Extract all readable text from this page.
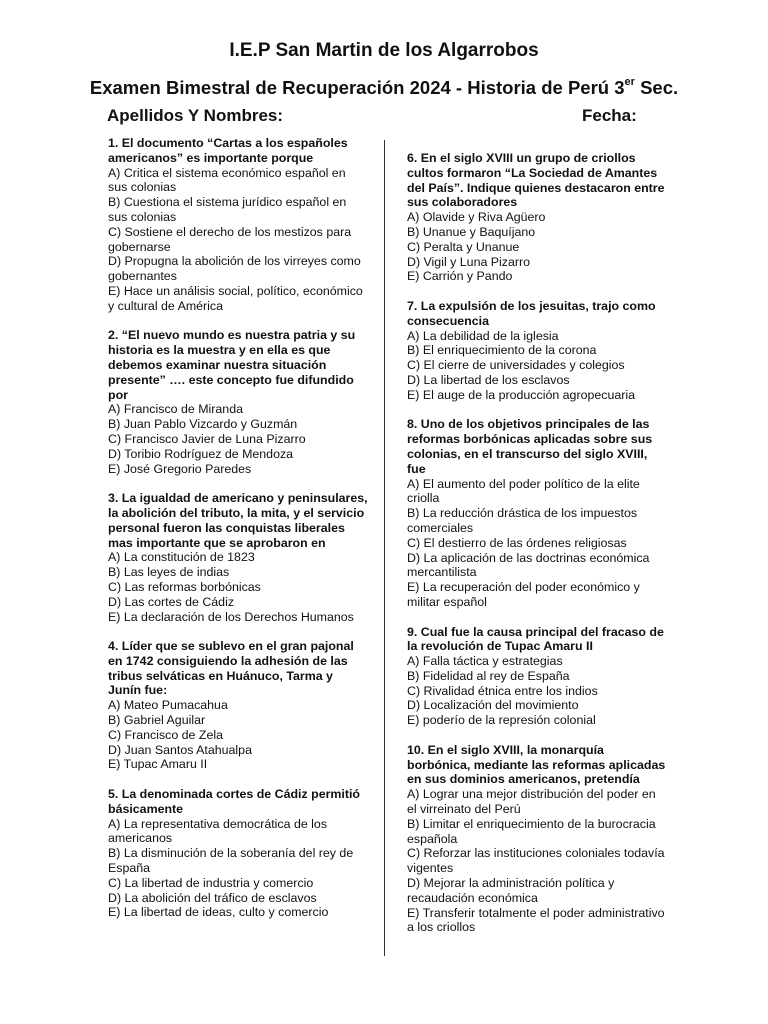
I.E.P San Martin de los Algarrobos
Examen Bimestral de Recuperación 2024 - Historia de Perú 3er Sec.
Apellidos Y Nombres:	Fecha:
1. El documento “Cartas a los españoles americanos” es importante porque
A) Critica el sistema económico español en sus colonias
B) Cuestiona el sistema jurídico español en sus colonias
C) Sostiene el derecho de los mestizos para gobernarse
D) Propugna la abolición de los virreyes como gobernantes
E) Hace un análisis social, político, económico y cultural de América
2. “El nuevo mundo es nuestra patria y su historia es la muestra y en ella es que debemos examinar nuestra situación presente” …. este concepto fue difundido por
A) Francisco de Miranda
B) Juan Pablo Vizcardo y Guzmán
C) Francisco Javier de Luna Pizarro
D) Toribio Rodríguez de Mendoza
E) José Gregorio Paredes
3. La igualdad de americano y peninsulares, la abolición del tributo, la mita, y el servicio personal fueron las conquistas liberales mas importante que se aprobaron en
A) La constitución de 1823
B) Las leyes de indias
C) Las reformas borbónicas
D) Las cortes de Cádiz
E) La declaración de los Derechos Humanos
4. Líder que se sublevo en el gran pajonal en 1742 consiguiendo la adhesión de las tribus selváticas en Huánuco, Tarma y Junín fue:
A) Mateo Pumacahua
B) Gabriel Aguilar
C) Francisco de Zela
D) Juan Santos Atahualpa
E) Tupac Amaru II
5. La denominada cortes de Cádiz permitió básicamente
A) La representativa democrática de los americanos
B) La disminución de la soberanía del rey de España
C) La libertad de industria y comercio
D) La abolición del tráfico de esclavos
E) La libertad de ideas, culto y comercio
6. En el siglo XVIII un grupo de criollos cultos formaron “La Sociedad de Amantes del País”. Indique quienes destacaron entre sus colaboradores
A) Olavide y Riva Agüero
B) Unanue y Baquíjano
C) Peralta y Unanue
D) Vigil y Luna Pizarro
E) Carrión y Pando
7. La expulsión de los jesuitas, trajo como consecuencia
A) La debilidad de la iglesia
B) El enriquecimiento de la corona
C) El cierre de universidades y colegios
D) La libertad de los esclavos
E) El auge de la producción agropecuaria
8. Uno de los objetivos principales de las reformas borbónicas aplicadas sobre sus colonias, en el transcurso del siglo XVIII, fue
A) El aumento del poder político de la elite criolla
B) La reducción drástica de los impuestos comerciales
C) El destierro de las órdenes religiosas
D) La aplicación de las doctrinas económica mercantilista
E) La recuperación del poder económico y militar español
9. Cual fue la causa principal del fracaso de la revolución de Tupac Amaru II
A) Falla táctica y estrategias
B) Fidelidad al rey de España
C) Rivalidad étnica entre los indios
D) Localización del movimiento
E) poderío de la represión colonial
10. En el siglo XVIII, la monarquía borbónica, mediante las reformas aplicadas en sus dominios americanos, pretendía
A) Lograr una mejor distribución del poder en el virreinato del Perú
B) Limitar el enriquecimiento de la burocracia española
C) Reforzar las instituciones coloniales todavía vigentes
D) Mejorar la administración política y recaudación económica
E) Transferir totalmente el poder administrativo a los criollos
